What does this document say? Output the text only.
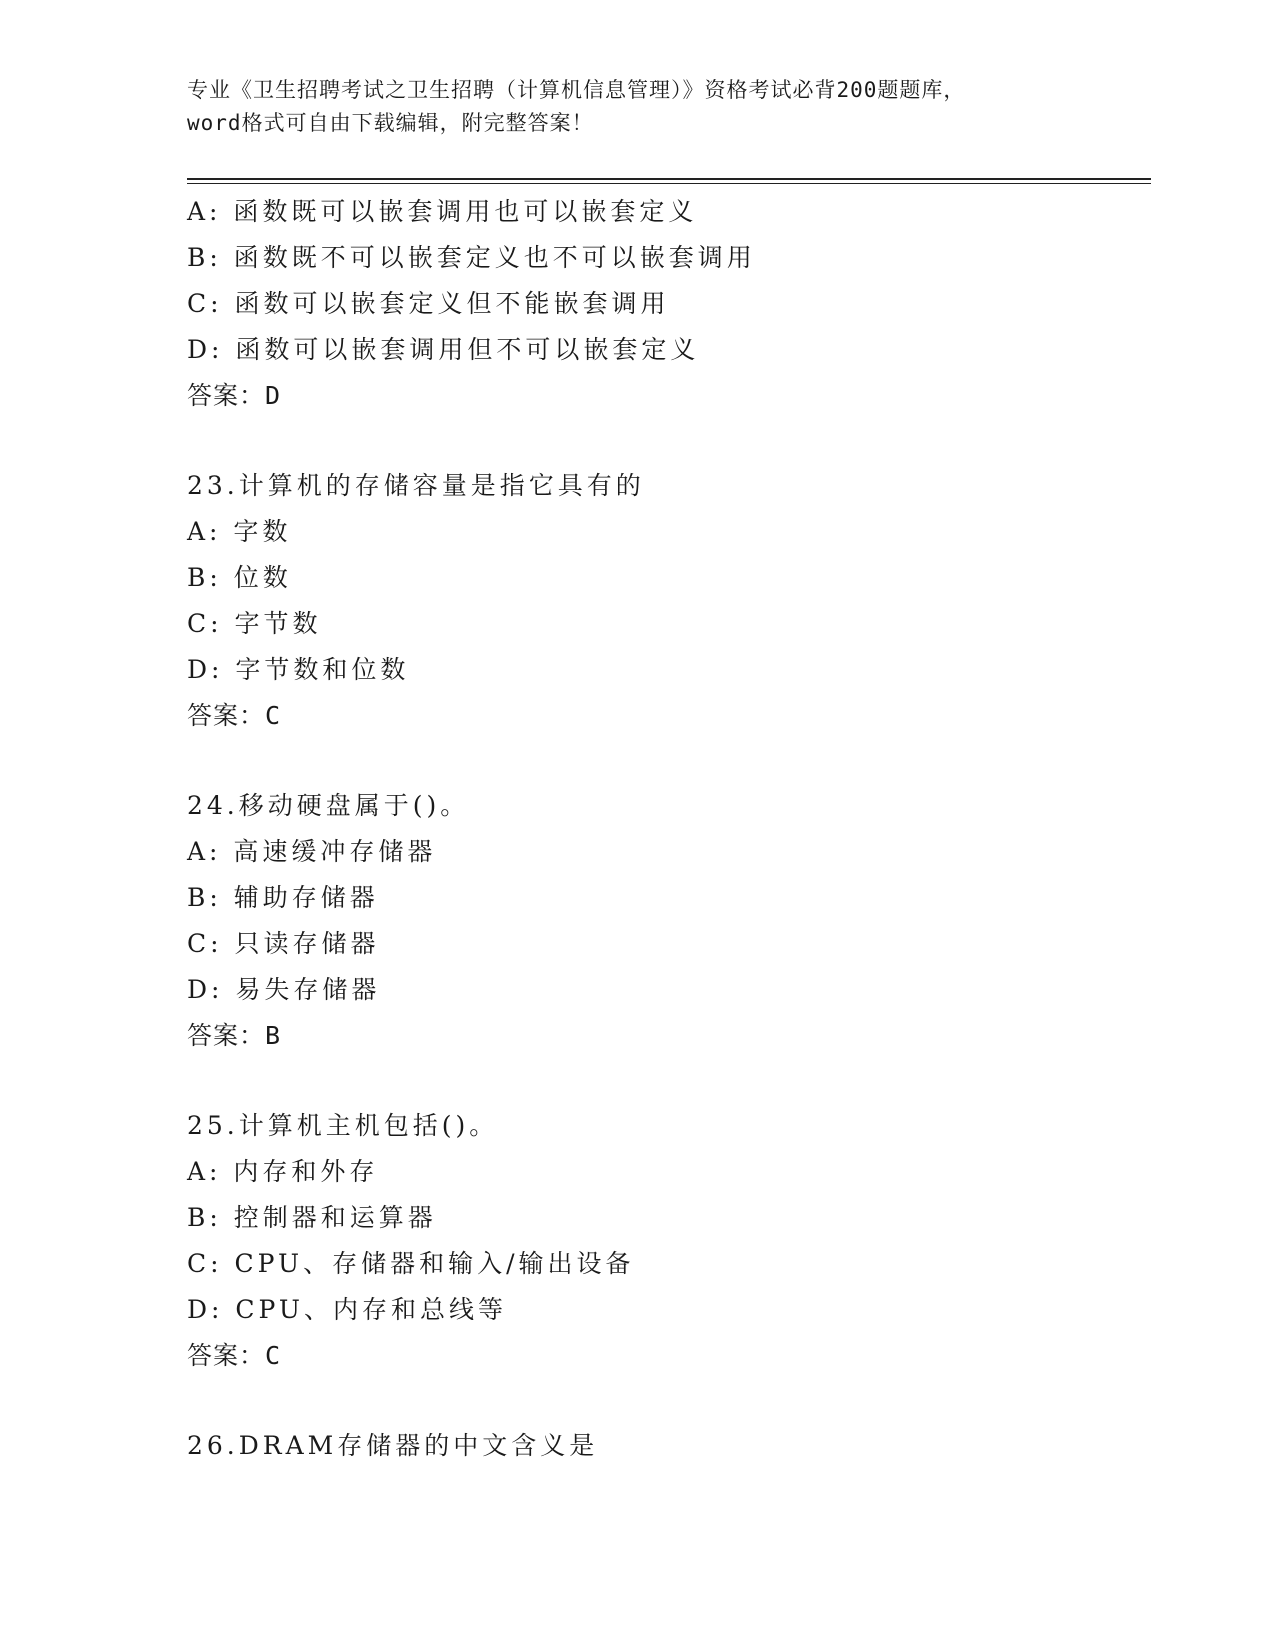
专业《卫生招聘考试之卫生招聘（计算机信息管理）》资格考试必背200题题库，
word格式可自由下载编辑，附完整答案！
A: 函数既可以嵌套调用也可以嵌套定义
B: 函数既不可以嵌套定义也不可以嵌套调用
C: 函数可以嵌套定义但不能嵌套调用
D: 函数可以嵌套调用但不可以嵌套定义
答案：D
23.计算机的存储容量是指它具有的
A: 字数
B: 位数
C: 字节数
D: 字节数和位数
答案：C
24.移动硬盘属于()。
A: 高速缓冲存储器
B: 辅助存储器
C: 只读存储器
D: 易失存储器
答案：B
25.计算机主机包括()。
A: 内存和外存
B: 控制器和运算器
C: CPU、存储器和输入/输出设备
D: CPU、内存和总线等
答案：C
26.DRAM存储器的中文含义是
